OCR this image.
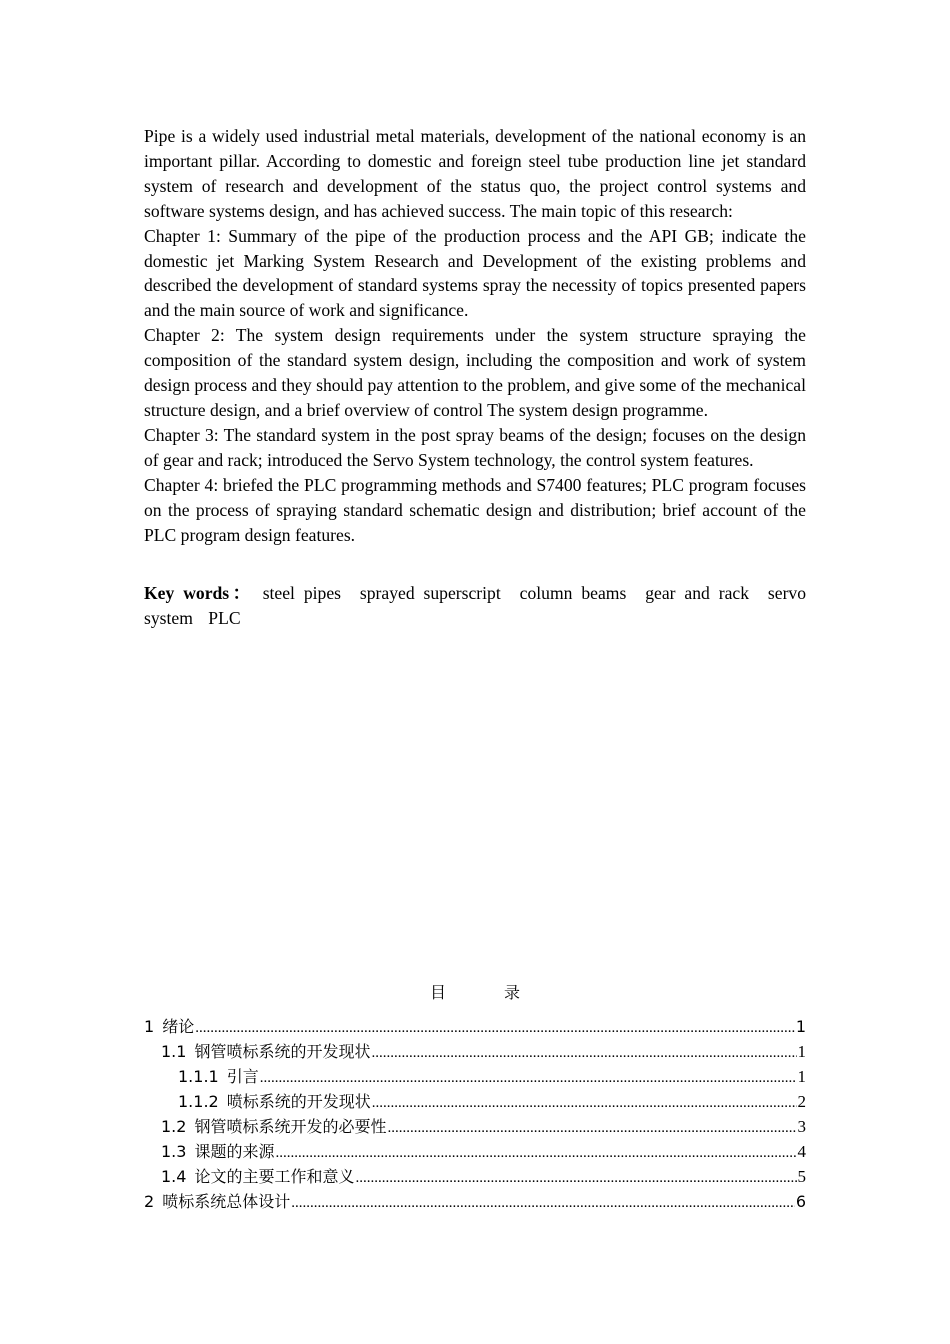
Pipe is a widely used industrial metal materials, development of the national economy is an important pillar. According to domestic and foreign steel tube production line jet standard system of research and development of the status quo, the project control systems and software systems design, and has achieved success. The main topic of this research:

Chapter 1: Summary of the pipe of the production process and the API GB; indicate the domestic jet Marking System Research and Development of the existing problems and described the development of standard systems spray the necessity of topics presented papers and the main source of work and significance.

Chapter 2: The system design requirements under the system structure spraying the composition of the standard system design, including the composition and work of system design process and they should pay attention to the problem, and give some of the mechanical structure design, and a brief overview of control The system design programme.

Chapter 3: The standard system in the post spray beams of the design; focuses on the design of gear and rack; introduced the Servo System technology, the control system features.

Chapter 4: briefed the PLC programming methods and S7400 features; PLC program focuses on the process of spraying standard schematic design and distribution; brief account of the PLC program design features.

Key words： steel pipes sprayed superscript column beams gear and rack servo system PLC

目	录
1 绪论 .....	1
1.1 钢管喷标系统的开发现状 .....	1
1.1.1 引言 .....	1
1.1.2 喷标系统的开发现状 .....	2
1.2 钢管喷标系统开发的必要性 .....	3
1.3 课题的来源 .....	4
1.4 论文的主要工作和意义 .....	5
2 喷标系统总体设计 .....	6
